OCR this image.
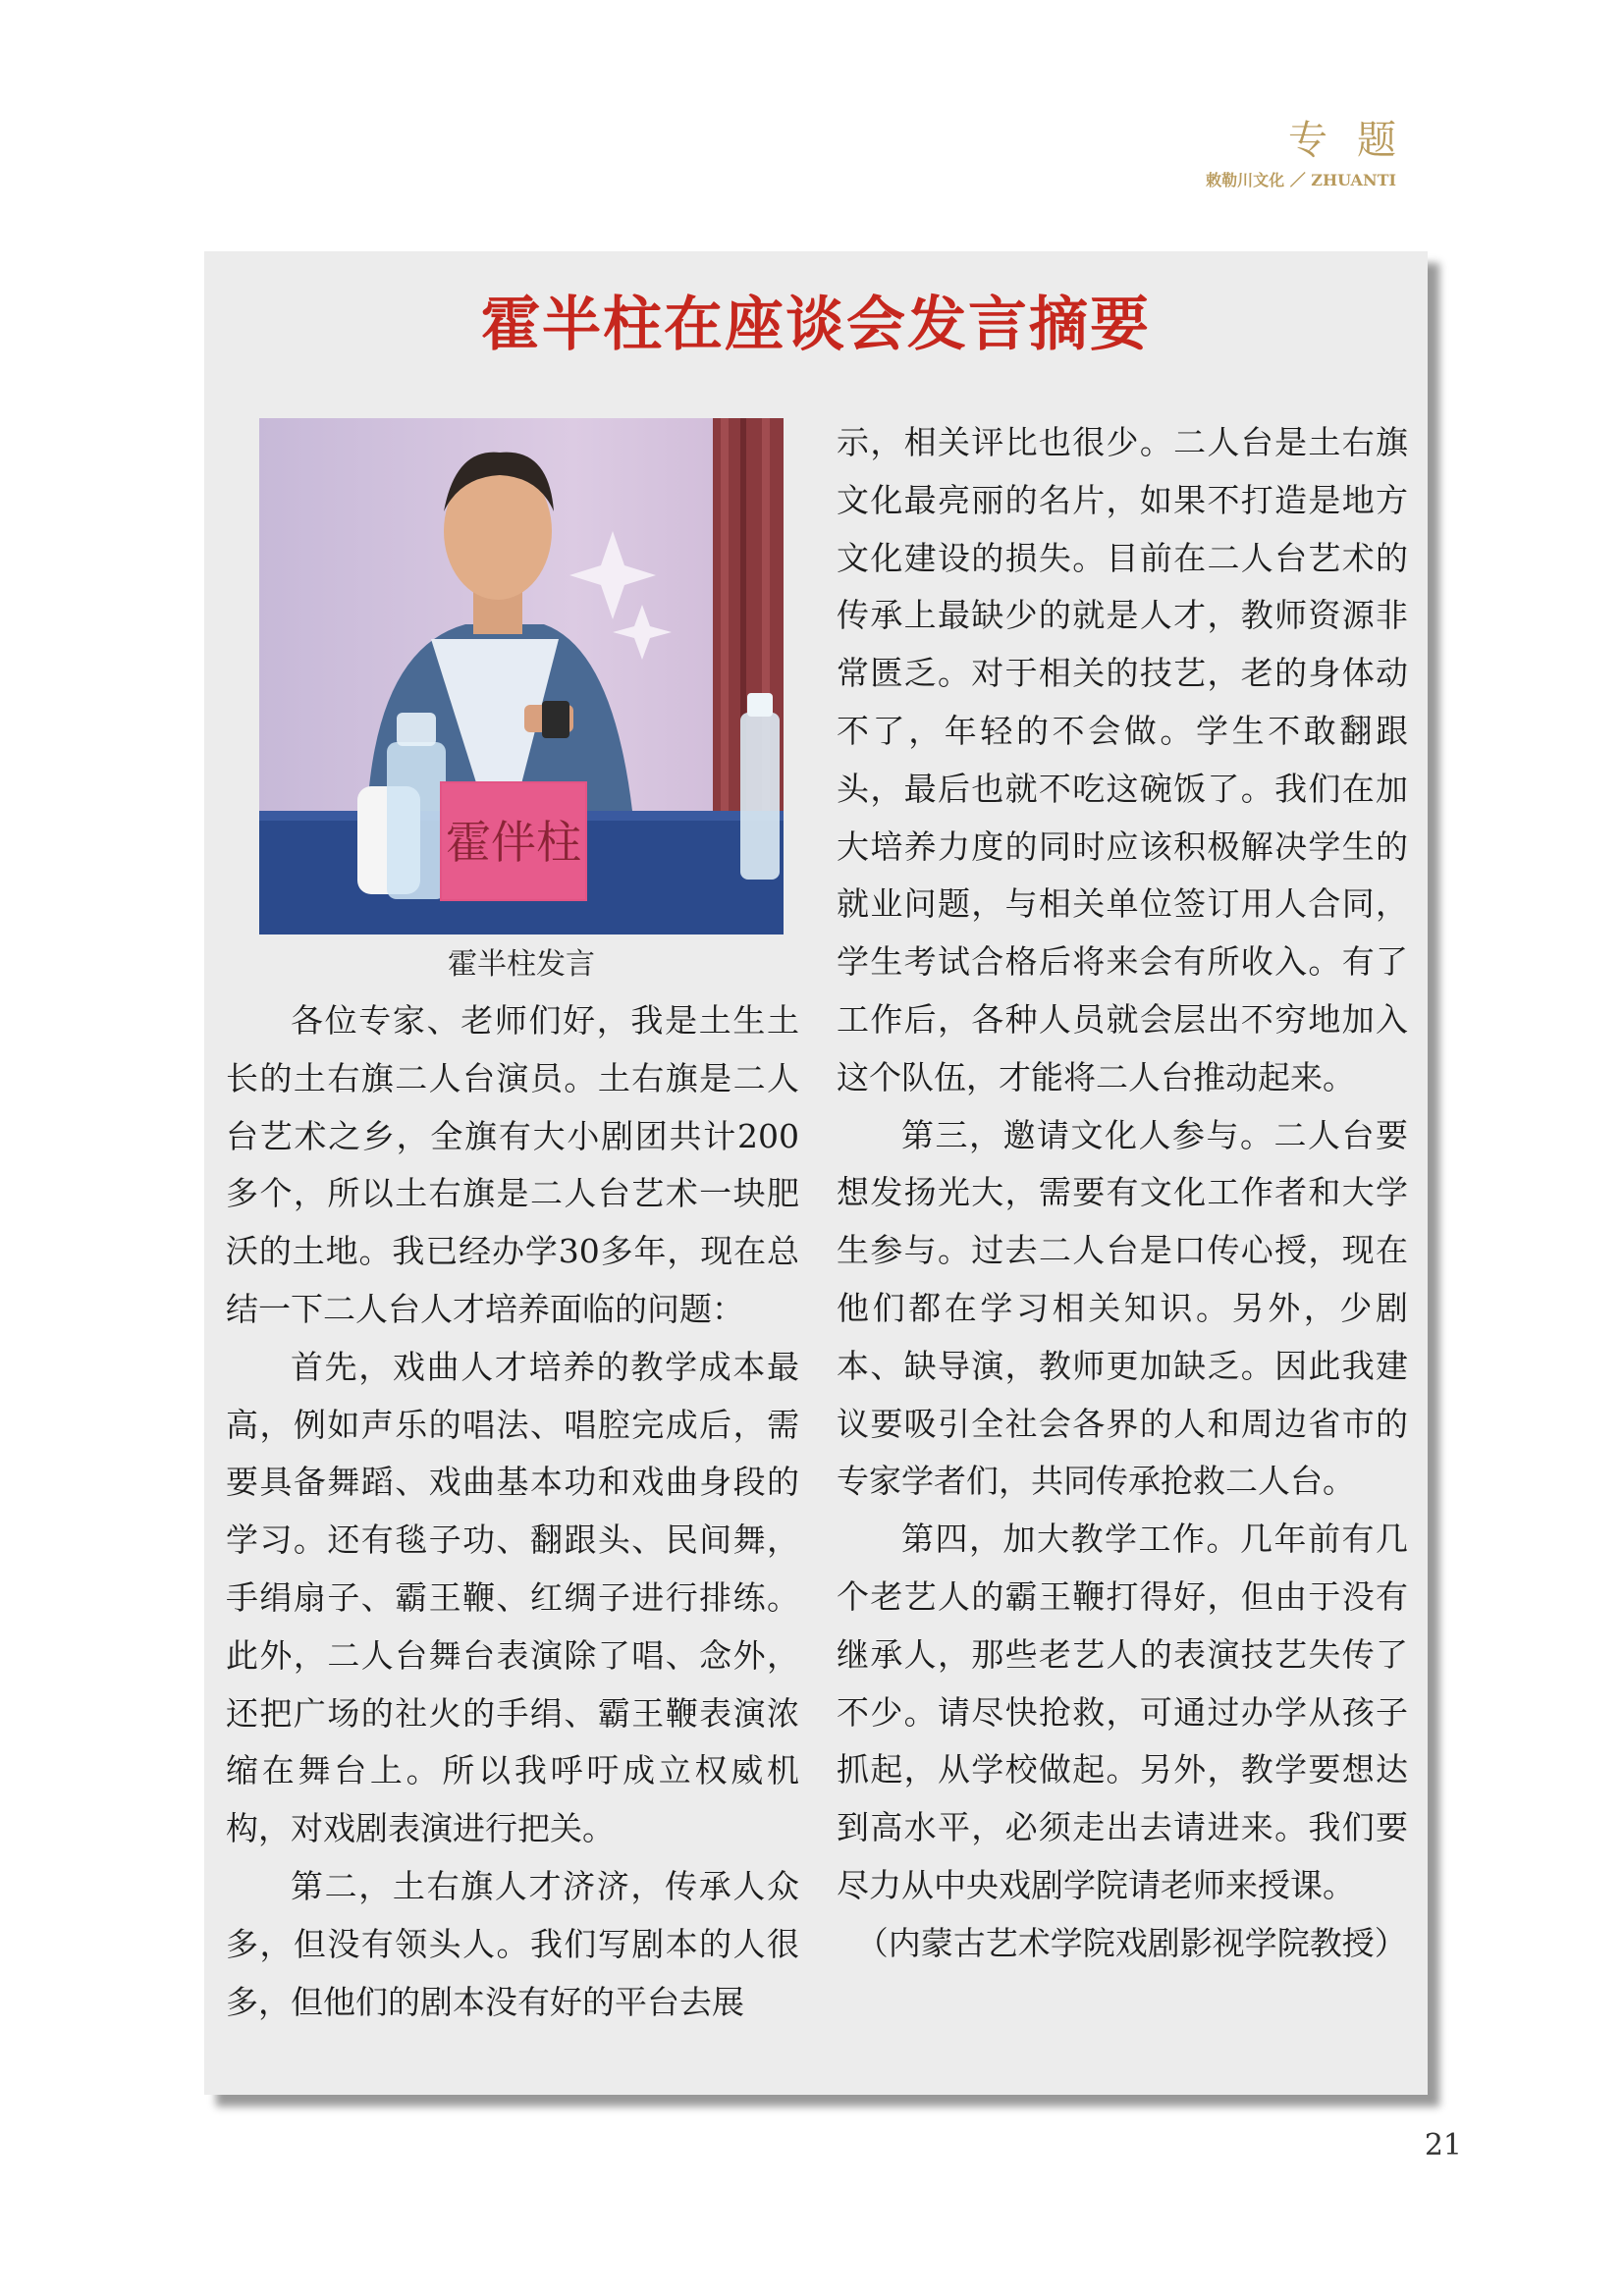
专题
敕勒川文化 ／ ZHUANTI
霍半柱在座谈会发言摘要
霍伴柱
霍半柱发言

各位专家、老师们好，我是土生土长的土右旗二人台演员。土右旗是二人台艺术之乡，全旗有大小剧团共计200多个，所以土右旗是二人台艺术一块肥沃的土地。我已经办学30多年，现在总结一下二人台人才培养面临的问题：

首先，戏曲人才培养的教学成本最高，例如声乐的唱法、唱腔完成后，需要具备舞蹈、戏曲基本功和戏曲身段的学习。还有毯子功、翻跟头、民间舞，手绢扇子、霸王鞭、红绸子进行排练。此外，二人台舞台表演除了唱、念外，还把广场的社火的手绢、霸王鞭表演浓缩在舞台上。所以我呼吁成立权威机构，对戏剧表演进行把关。

第二，土右旗人才济济，传承人众多，但没有领头人。我们写剧本的人很多，但他们的剧本没有好的平台去展

示，相关评比也很少。二人台是土右旗文化最亮丽的名片，如果不打造是地方文化建设的损失。目前在二人台艺术的传承上最缺少的就是人才，教师资源非常匮乏。对于相关的技艺，老的身体动不了，年轻的不会做。学生不敢翻跟头，最后也就不吃这碗饭了。我们在加大培养力度的同时应该积极解决学生的就业问题，与相关单位签订用人合同，学生考试合格后将来会有所收入。有了工作后，各种人员就会层出不穷地加入这个队伍，才能将二人台推动起来。

第三，邀请文化人参与。二人台要想发扬光大，需要有文化工作者和大学生参与。过去二人台是口传心授，现在他们都在学习相关知识。另外，少剧本、缺导演，教师更加缺乏。因此我建议要吸引全社会各界的人和周边省市的专家学者们，共同传承抢救二人台。

第四，加大教学工作。几年前有几个老艺人的霸王鞭打得好，但由于没有继承人，那些老艺人的表演技艺失传了不少。请尽快抢救，可通过办学从孩子抓起，从学校做起。另外，教学要想达到高水平，必须走出去请进来。我们要尽力从中央戏剧学院请老师来授课。

（内蒙古艺术学院戏剧影视学院教授）

21
